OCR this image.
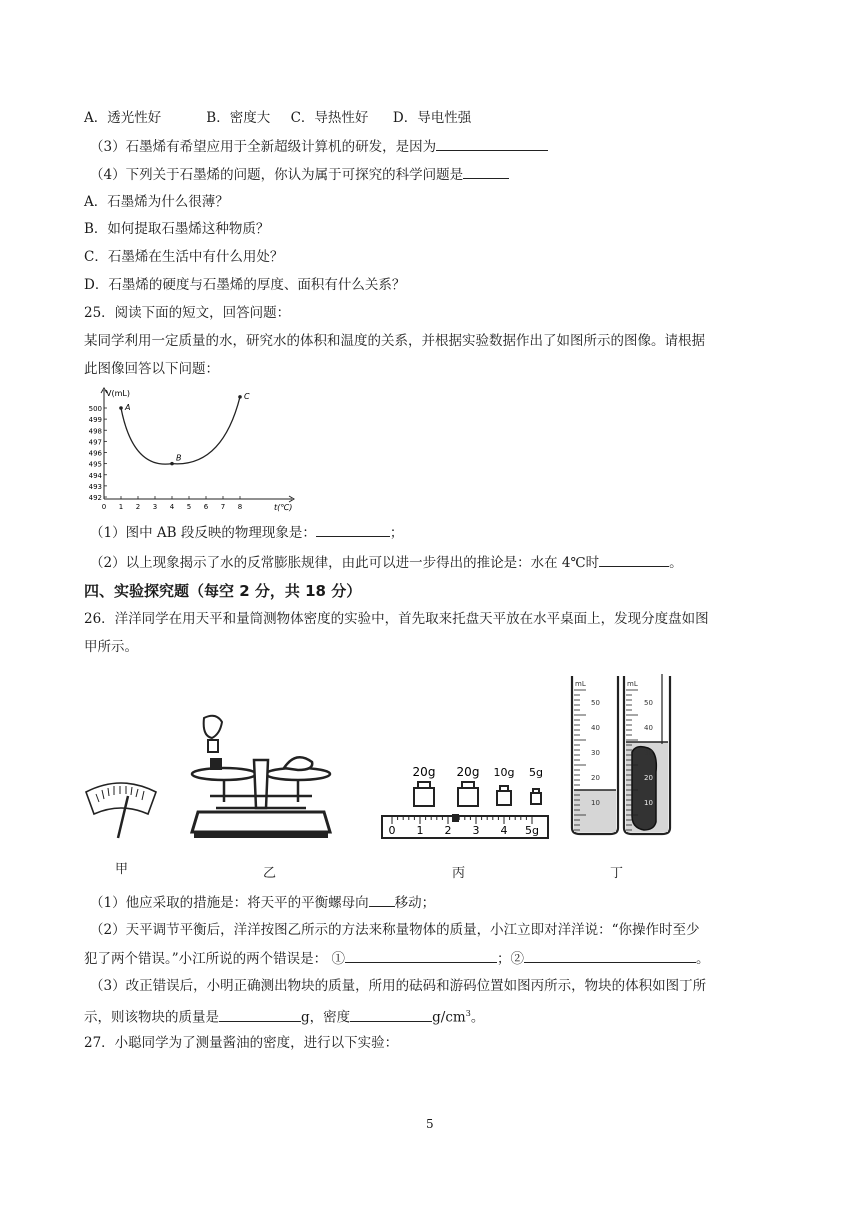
A．透光性好	B．密度大 C．导热性好 D．导电性强
（3）石墨烯有希望应用于全新超级计算机的研发，是因为
（4）下列关于石墨烯的问题，你认为属于可探究的科学问题是
A．石墨烯为什么很薄？
B．如何提取石墨烯这种物质？
C．石墨烯在生活中有什么用处？
D．石墨烯的硬度与石墨烯的厚度、面积有什么关系？
25．阅读下面的短文，回答问题：
某同学利用一定质量的水，研究水的体积和温度的关系，并根据实验数据作出了如图所示的图像。请根据
此图像回答以下问题：
V(mL)
t(℃)
500
499
498
497
496
495
494
493
492
0 1 2 3 4 5 6 7 8
A
B
C
（1）图中 AB 段反映的物理现象是：	；
（2）以上现象揭示了水的反常膨胀规律，由此可以进一步得出的推论是：水在 4℃时	。
四、实验探究题（每空 2 分，共 18 分）
26．洋洋同学在用天平和量筒测物体密度的实验中，首先取来托盘天平放在水平桌面上，发现分度盘如图
甲所示。
甲	乙
20g 20g 10g 5g
0 1 2 3 4 5g
丙
mL
50
40
30
20
10
mL
50
40
30
20
10
丁
（1）他应采取的措施是：将天平的平衡螺母向 移动；
（2）天平调节平衡后，洋洋按图乙所示的方法来称量物体的质量，小江立即对洋洋说：“你操作时至少
犯了两个错误。”小江所说的两个错误是： ①	；②	。
（3）改正错误后，小明正确测出物块的质量，所用的砝码和游码位置如图丙所示，物块的体积如图丁所
示，则该物块的质量是	g，密度	$g/cm^3$。
27．小聪同学为了测量酱油的密度，进行以下实验：
5
